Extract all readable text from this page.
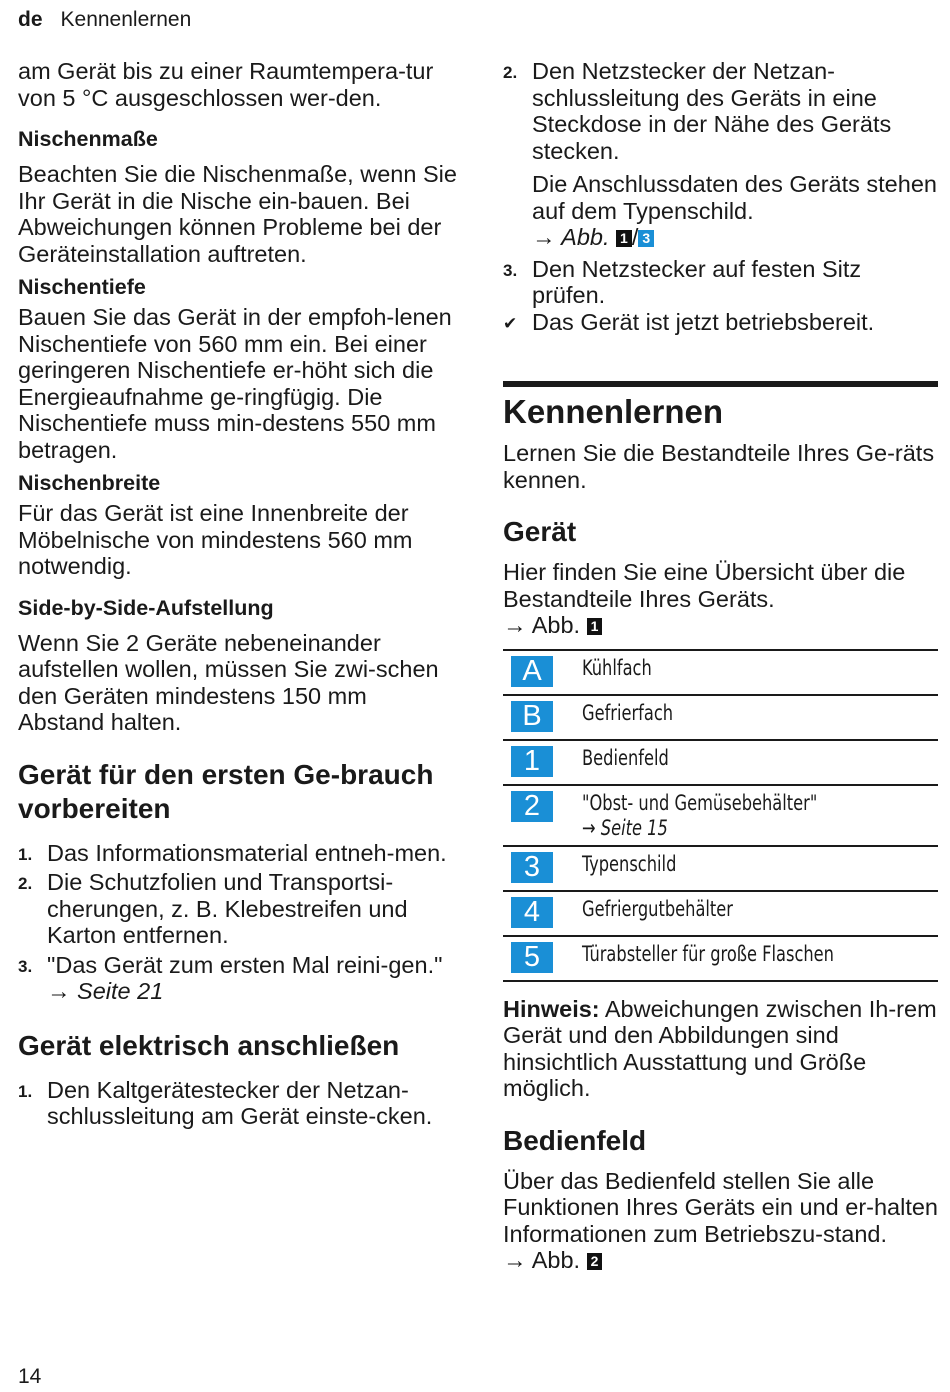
de Kennenlernen

am Gerät bis zu einer Raumtempera-tur von 5 °C ausgeschlossen wer-den.

Nischenmaße

Beachten Sie die Nischenmaße, wenn Sie Ihr Gerät in die Nische ein-bauen. Bei Abweichungen können Probleme bei der Geräteinstallation auftreten.

Nischentiefe

Bauen Sie das Gerät in der empfoh-lenen Nischentiefe von 560 mm ein. Bei einer geringeren Nischentiefe er-höht sich die Energieaufnahme ge-ringfügig. Die Nischentiefe muss min-destens 550 mm betragen.

Nischenbreite

Für das Gerät ist eine Innenbreite der Möbelnische von mindestens 560 mm notwendig.

Side-by-Side-Aufstellung

Wenn Sie 2 Geräte nebeneinander aufstellen wollen, müssen Sie zwi-schen den Geräten mindestens 150 mm Abstand halten.

Gerät für den ersten Ge-brauch vorbereiten
1. Das Informationsmaterial entneh-men.
2. Die Schutzfolien und Transportsi-cherungen, z. B. Klebestreifen und Karton entfernen.
3. "Das Gerät zum ersten Mal reini-gen." → Seite 21
Gerät elektrisch anschließen
1. Den Kaltgerätestecker der Netzan-schlussleitung am Gerät einste-cken.
2. Den Netzstecker der Netzan-schlussleitung des Geräts in eine Steckdose in der Nähe des Geräts stecken.
Die Anschlussdaten des Geräts stehen auf dem Typenschild.
→ Abb. 1 / 3
3. Den Netzstecker auf festen Sitz prüfen.
✔ Das Gerät ist jetzt betriebsbereit.
Kennenlernen

Lernen Sie die Bestandteile Ihres Ge-räts kennen.

Gerät

Hier finden Sie eine Übersicht über die Bestandteile Ihres Geräts.

→ Abb. 1

A	Kühlfach
B	Gefrierfach
1	Bedienfeld
2	"Obst- und Gemüsebehälter"
→ Seite 15
3	Typenschild
4	Gefriergutbehälter
5	Türabsteller für große Flaschen

Hinweis: Abweichungen zwischen Ih-rem Gerät und den Abbildungen sind hinsichtlich Ausstattung und Größe möglich.

Bedienfeld

Über das Bedienfeld stellen Sie alle Funktionen Ihres Geräts ein und er-halten Informationen zum Betriebszu-stand.

→ Abb. 2

14
